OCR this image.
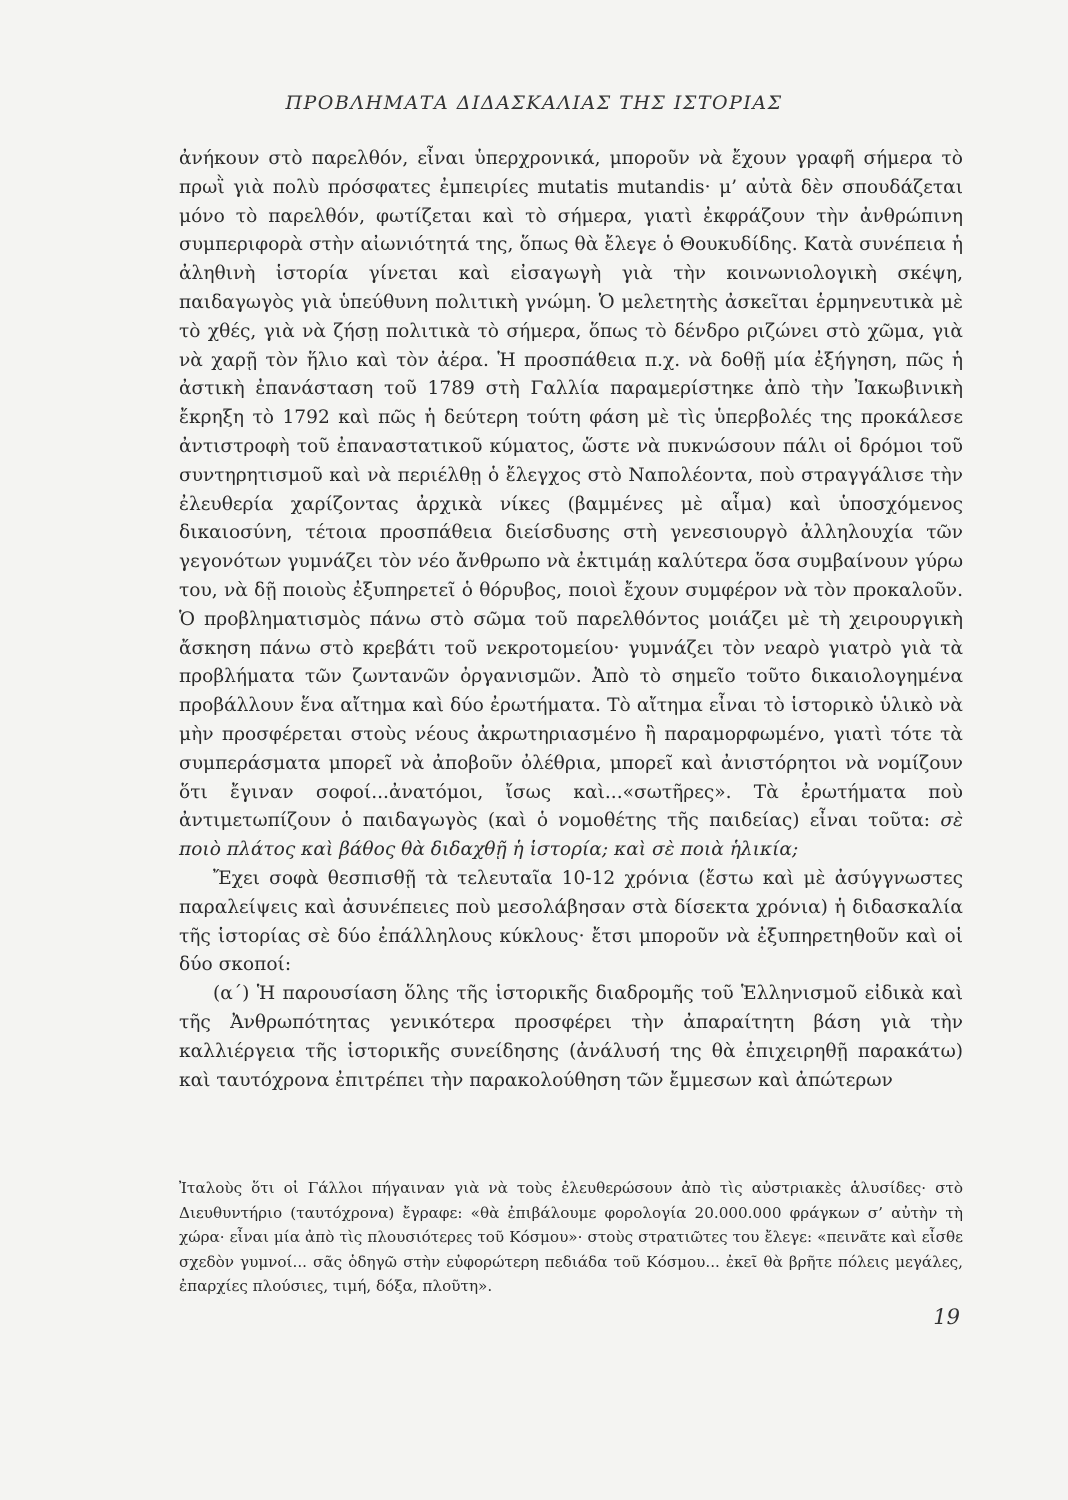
ΠΡΟΒΛΗΜΑΤΑ ΔΙΔΑΣΚΑΛΙΑΣ ΤΗΣ ΙΣΤΟΡΙΑΣ

ἀνήκουν στὸ παρελθόν, εἶναι ὑπερχρονικά, μποροῦν νὰ ἔχουν γραφῆ σήμερα τὸ πρωῒ γιὰ πολὺ πρόσφατες ἐμπειρίες mutatis mutandis· μ’ αὐτὰ δὲν σπουδάζεται μόνο τὸ παρελθόν, φωτίζεται καὶ τὸ σήμερα, γιατὶ ἐκφράζουν τὴν ἀνθρώπινη συμπεριφορὰ στὴν αἰωνιότητά της, ὅπως θὰ ἔλεγε ὁ Θουκυδίδης. Κατὰ συνέπεια ἡ ἀληθινὴ ἱστορία γίνεται καὶ εἰσαγωγὴ γιὰ τὴν κοινωνιολογικὴ σκέψη, παιδαγωγὸς γιὰ ὑπεύθυνη πολιτικὴ γνώμη. Ὁ μελετητὴς ἀσκεῖται ἑρμηνευτικὰ μὲ τὸ χθές, γιὰ νὰ ζήσῃ πολιτικὰ τὸ σήμερα, ὅπως τὸ δένδρο ριζώνει στὸ χῶμα, γιὰ νὰ χαρῇ τὸν ἥλιο καὶ τὸν ἀέρα. Ἡ προσπάθεια π.χ. νὰ δοθῇ μία ἐξήγηση, πῶς ἡ ἀστικὴ ἐπανάσταση τοῦ 1789 στὴ Γαλλία παραμερίστηκε ἀπὸ τὴν Ἰακωβινικὴ ἔκρηξη τὸ 1792 καὶ πῶς ἡ δεύτερη τούτη φάση μὲ τὶς ὑπερβολές της προκάλεσε ἀντιστροφὴ τοῦ ἐπαναστατικοῦ κύματος, ὥστε νὰ πυκνώσουν πάλι οἱ δρόμοι τοῦ συντηρητισμοῦ καὶ νὰ περιέλθῃ ὁ ἔλεγχος στὸ Ναπολέοντα, ποὺ στραγγάλισε τὴν ἐλευθερία χαρίζοντας ἀρχικὰ νίκες (βαμμένες μὲ αἷμα) καὶ ὑποσχόμενος δικαιοσύνη, τέτοια προσπάθεια διείσδυσης στὴ γενεσιουργὸ ἀλληλουχία τῶν γεγονότων γυμνάζει τὸν νέο ἄνθρωπο νὰ ἐκτιμάῃ καλύτερα ὅσα συμβαίνουν γύρω του, νὰ δῇ ποιοὺς ἐξυπηρετεῖ ὁ θόρυβος, ποιοὶ ἔχουν συμφέρον νὰ τὸν προκαλοῦν. Ὁ προβληματισμὸς πάνω στὸ σῶμα τοῦ παρελθόντος μοιάζει μὲ τὴ χειρουργικὴ ἄσκηση πάνω στὸ κρεβάτι τοῦ νεκροτομείου· γυμνάζει τὸν νεαρὸ γιατρὸ γιὰ τὰ προβλήματα τῶν ζωντανῶν ὀργανισμῶν. Ἀπὸ τὸ σημεῖο τοῦτο δικαιολογημένα προβάλλουν ἕνα αἴτημα καὶ δύο ἐρωτήματα. Τὸ αἴτημα εἶναι τὸ ἱστορικὸ ὑλικὸ νὰ μὴν προσφέρεται στοὺς νέους ἀκρωτηριασμένο ἢ παραμορφωμένο, γιατὶ τότε τὰ συμπεράσματα μπορεῖ νὰ ἀποβοῦν ὀλέθρια, μπορεῖ καὶ ἀνιστόρητοι νὰ νομίζουν ὅτι ἔγιναν σοφοί...ἀνατόμοι, ἴσως καὶ...«σωτῆρες». Τὰ ἐρωτήματα ποὺ ἀντιμετωπίζουν ὁ παιδαγωγὸς (καὶ ὁ νομοθέτης τῆς παιδείας) εἶναι τοῦτα: σὲ ποιὸ πλάτος καὶ βάθος θὰ διδαχθῇ ἡ ἱστορία; καὶ σὲ ποιὰ ἡλικία;

Ἔχει σοφὰ θεσπισθῇ τὰ τελευταῖα 10-12 χρόνια (ἔστω καὶ μὲ ἀσύγγνωστες παραλείψεις καὶ ἀσυνέπειες ποὺ μεσολάβησαν στὰ δίσεκτα χρόνια) ἡ διδασκαλία τῆς ἱστορίας σὲ δύο ἐπάλληλους κύκλους· ἔτσι μποροῦν νὰ ἐξυπηρετηθοῦν καὶ οἱ δύο σκοποί:

(α΄) Ἡ παρουσίαση ὅλης τῆς ἱστορικῆς διαδρομῆς τοῦ Ἑλληνισμοῦ εἰδικὰ καὶ τῆς Ἀνθρωπότητας γενικότερα προσφέρει τὴν ἀπαραίτητη βάση γιὰ τὴν καλλιέργεια τῆς ἱστορικῆς συνείδησης (ἀνάλυσή της θὰ ἐπιχειρηθῇ παρακάτω) καὶ ταυτόχρονα ἐπιτρέπει τὴν παρακολούθηση τῶν ἔμμεσων καὶ ἀπώτερων

Ἰταλοὺς ὅτι οἱ Γάλλοι πήγαιναν γιὰ νὰ τοὺς ἐλευθερώσουν ἀπὸ τὶς αὐστριακὲς ἁλυσίδες· στὸ Διευθυντήριο (ταυτόχρονα) ἔγραφε: «θὰ ἐπιβάλουμε φορολογία 20.000.000 φράγκων σ’ αὐτὴν τὴ χώρα· εἶναι μία ἀπὸ τὶς πλουσιότερες τοῦ Κόσμου»· στοὺς στρατιῶτες του ἔλεγε: «πεινᾶτε καὶ εἶσθε σχεδὸν γυμνοί... σᾶς ὁδηγῶ στὴν εὐφορώτερη πεδιάδα τοῦ Κόσμου... ἐκεῖ θὰ βρῆτε πόλεις μεγάλες, ἐπαρχίες πλούσιες, τιμή, δόξα, πλοῦτη».

19
